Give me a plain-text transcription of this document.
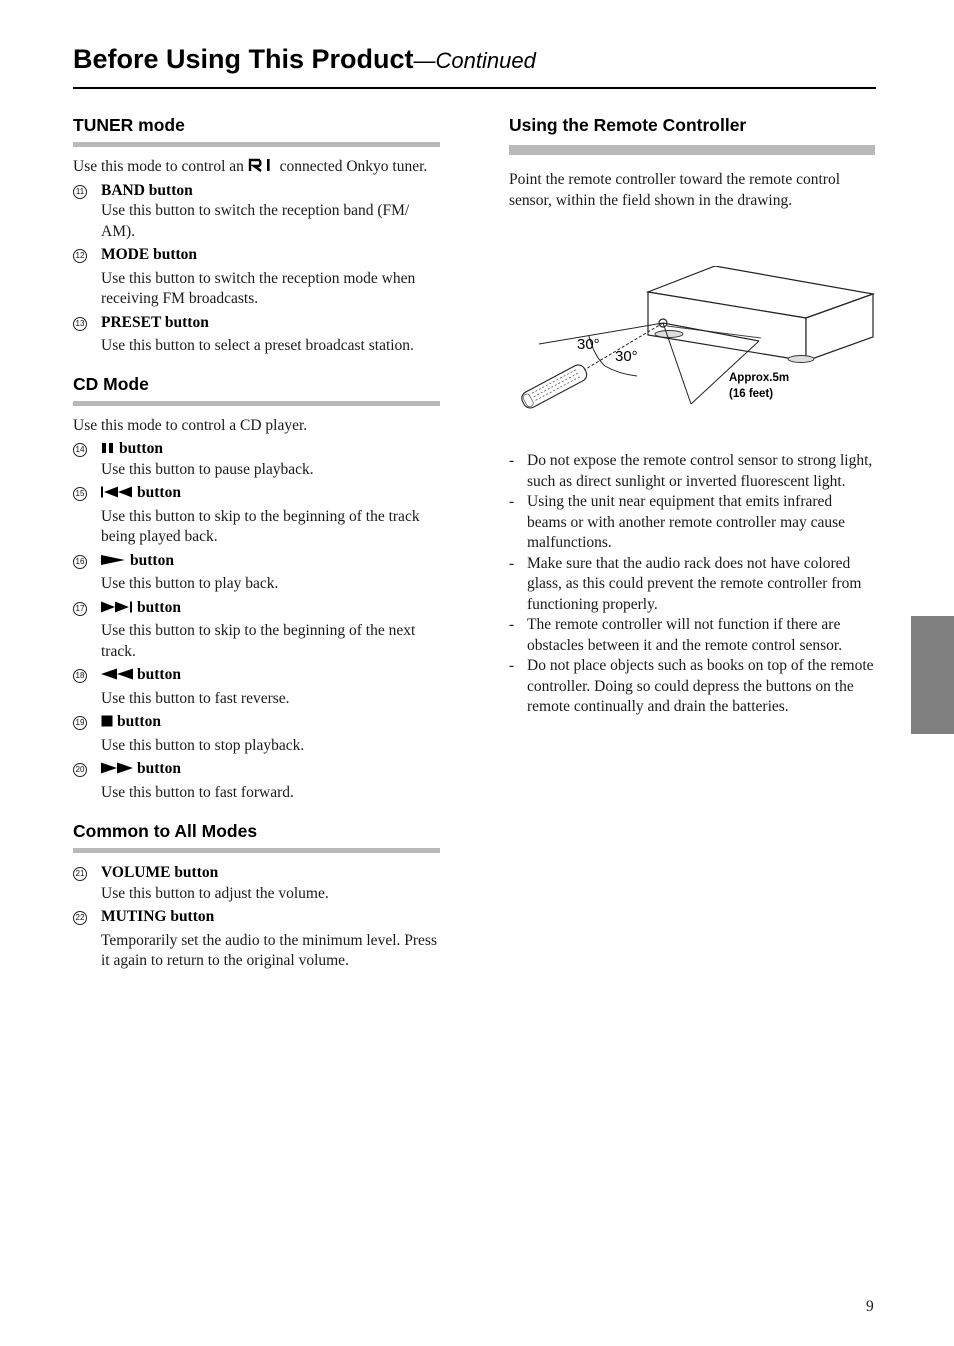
Before Using This Product—Continued
TUNER mode
Use this mode to control an connected Onkyo tuner.
11 BAND button
Use this button to switch the reception band (FM/ AM).
12 MODE button
Use this button to switch the reception mode when receiving FM broadcasts.
13 PRESET button
Use this button to select a preset broadcast station.
CD Mode
Use this mode to control a CD player.
14	button
Use this button to pause playback.
15	button
Use this button to skip to the beginning of the track being played back.
16	button
Use this button to play back.
17	button
Use this button to skip to the beginning of the next track.
18	button
Use this button to fast reverse.
19	button
Use this button to stop playback.
20	button
Use this button to fast forward.
Common to All Modes
21 VOLUME button
Use this button to adjust the volume.
22 MUTING button
Temporarily set the audio to the minimum level. Press it again to return to the original volume.
Using the Remote Controller
Point the remote controller toward the remote control sensor, within the field shown in the drawing.
30°
30°
Approx.5m
(16 feet)
- Do not expose the remote control sensor to strong light, such as direct sunlight or inverted fluorescent light.
- Using the unit near equipment that emits infrared beams or with another remote controller may cause malfunctions.
- Make sure that the audio rack does not have colored glass, as this could prevent the remote controller from functioning properly.
- The remote controller will not function if there are obstacles between it and the remote control sensor.
- Do not place objects such as books on top of the remote controller. Doing so could depress the buttons on the remote continually and drain the batteries.
9
